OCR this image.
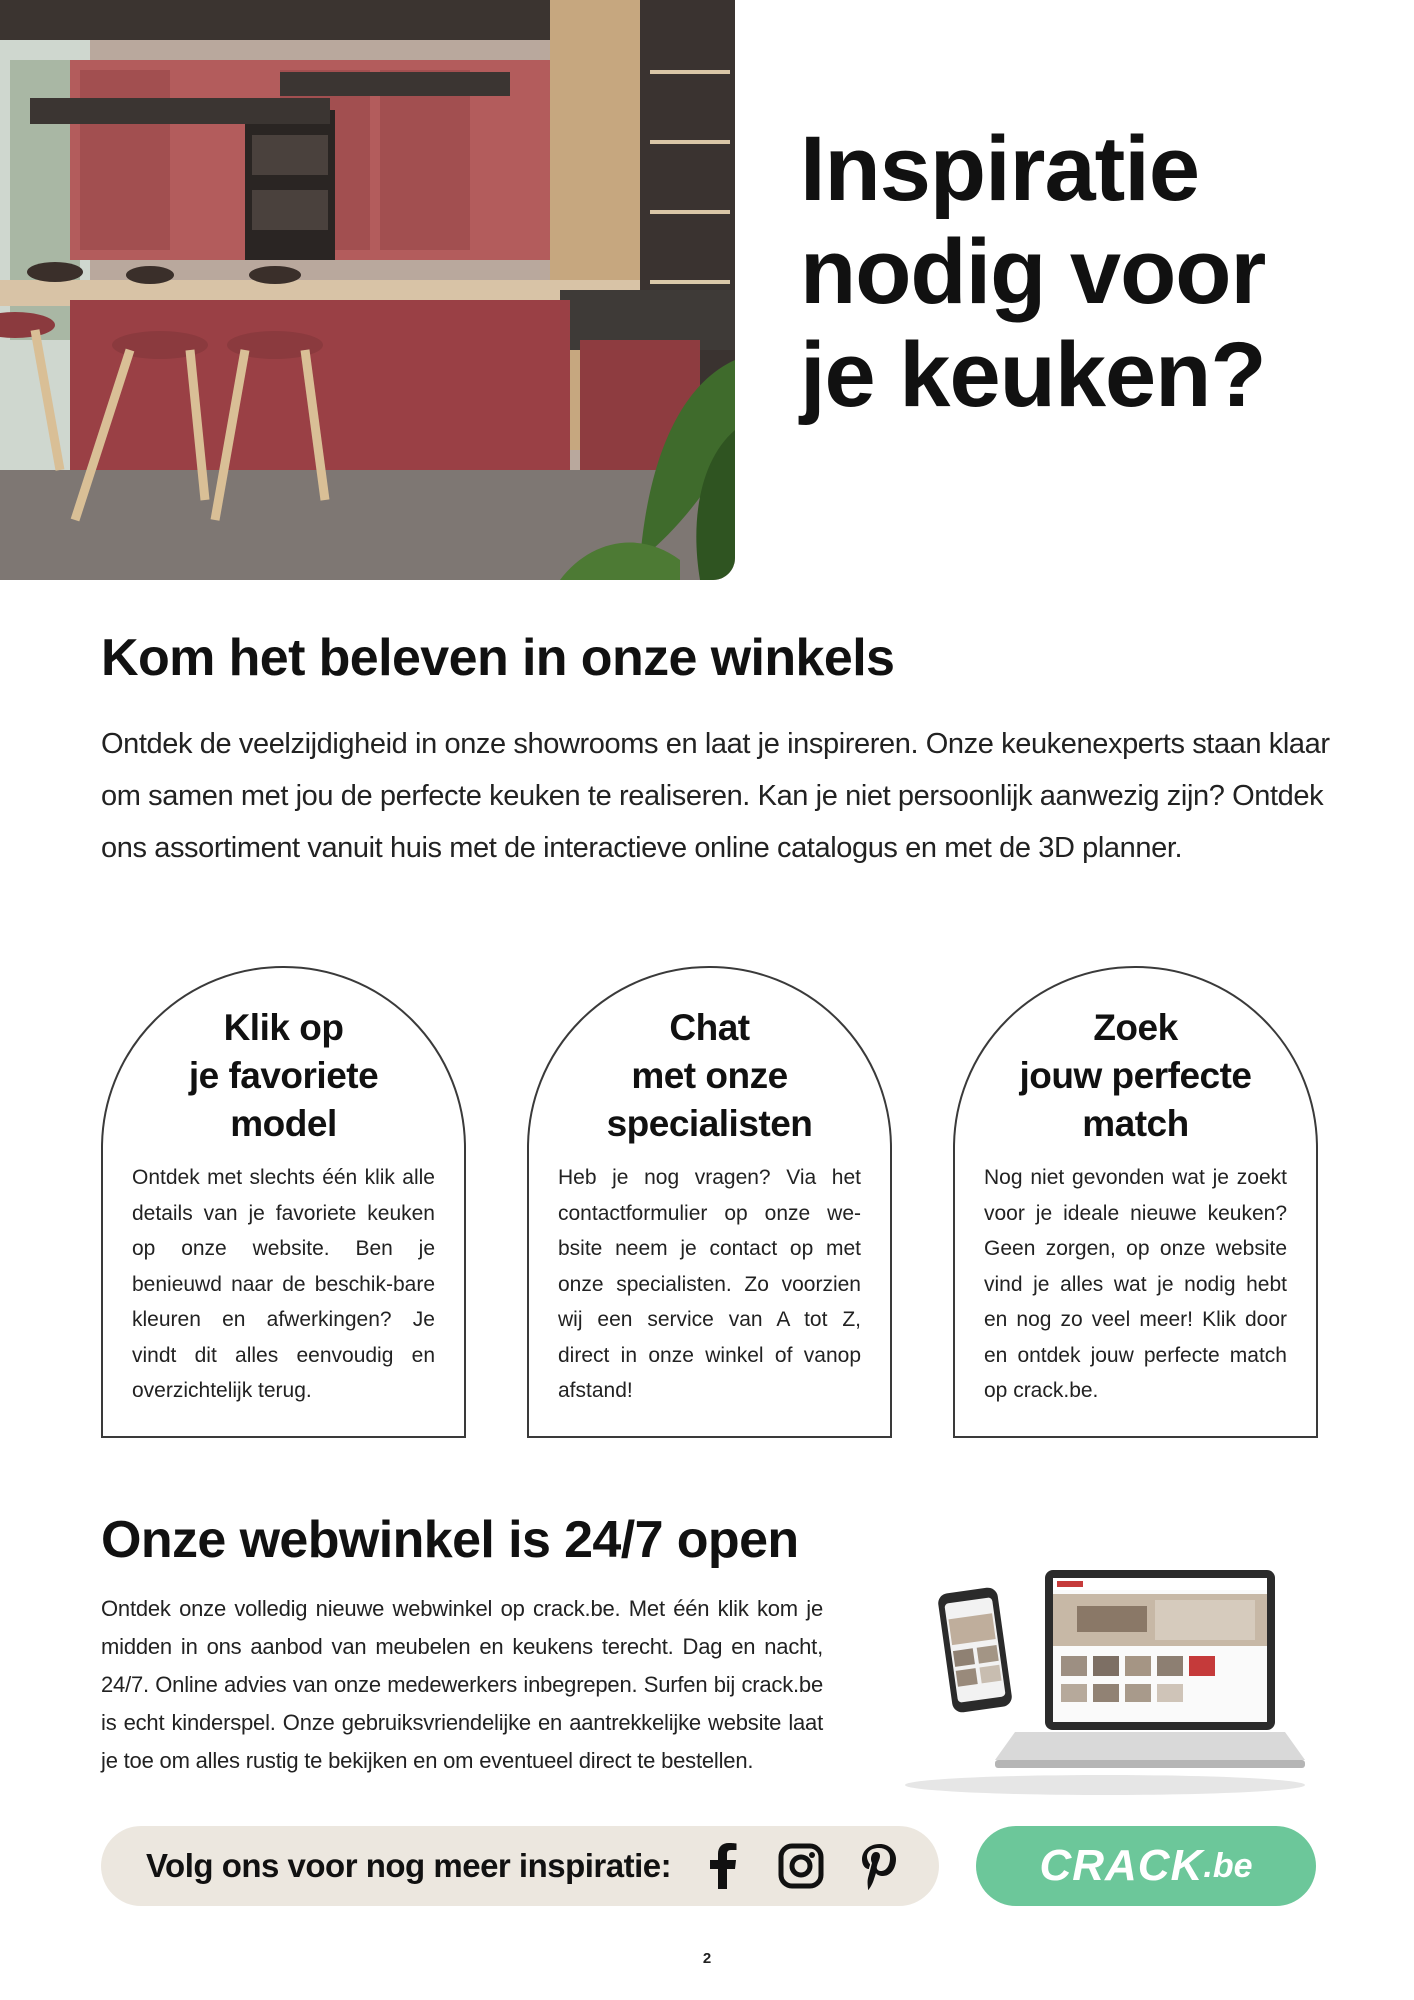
Inspiratie nodig voor je keuken?
Kom het beleven in onze winkels

Ontdek de veelzijdigheid in onze showrooms en laat je inspireren. Onze keukenexperts staan klaar om samen met jou de perfecte keuken te realiseren. Kan je niet persoonlijk aanwezig zijn? Ontdek ons assortiment vanuit huis met de interactieve online catalogus en met de 3D planner.

Klik op
je favoriete
model

Ontdek met slechts één klik alle details van je favoriete keuken op onze website. Ben je benieuwd naar de beschik-bare kleuren en afwerkingen? Je vindt dit alles eenvoudig en overzichtelijk terug.

Chat
met onze
specialisten

Heb je nog vragen? Via het contactformulier op onze we-bsite neem je contact op met onze specialisten. Zo voorzien wij een service van A tot Z, direct in onze winkel of vanop afstand!

Zoek
jouw perfecte
match

Nog niet gevonden wat je zoekt voor je ideale nieuwe keuken? Geen zorgen, op onze website vind je alles wat je nodig hebt en nog zo veel meer! Klik door en ontdek jouw perfecte match op crack.be.

Onze webwinkel is 24/7 open

Ontdek onze volledig nieuwe webwinkel op crack.be. Met één klik kom je midden in ons aanbod van meubelen en keukens terecht. Dag en nacht, 24/7. Online advies van onze medewerkers inbegrepen. Surfen bij crack.be is echt kinderspel. Onze gebruiksvriendelijke en aantrekkelijke website laat je toe om alles rustig te bekijken en om eventueel direct te bestellen.

Volg ons voor nog meer inspiratie:	CRACK .be
2
